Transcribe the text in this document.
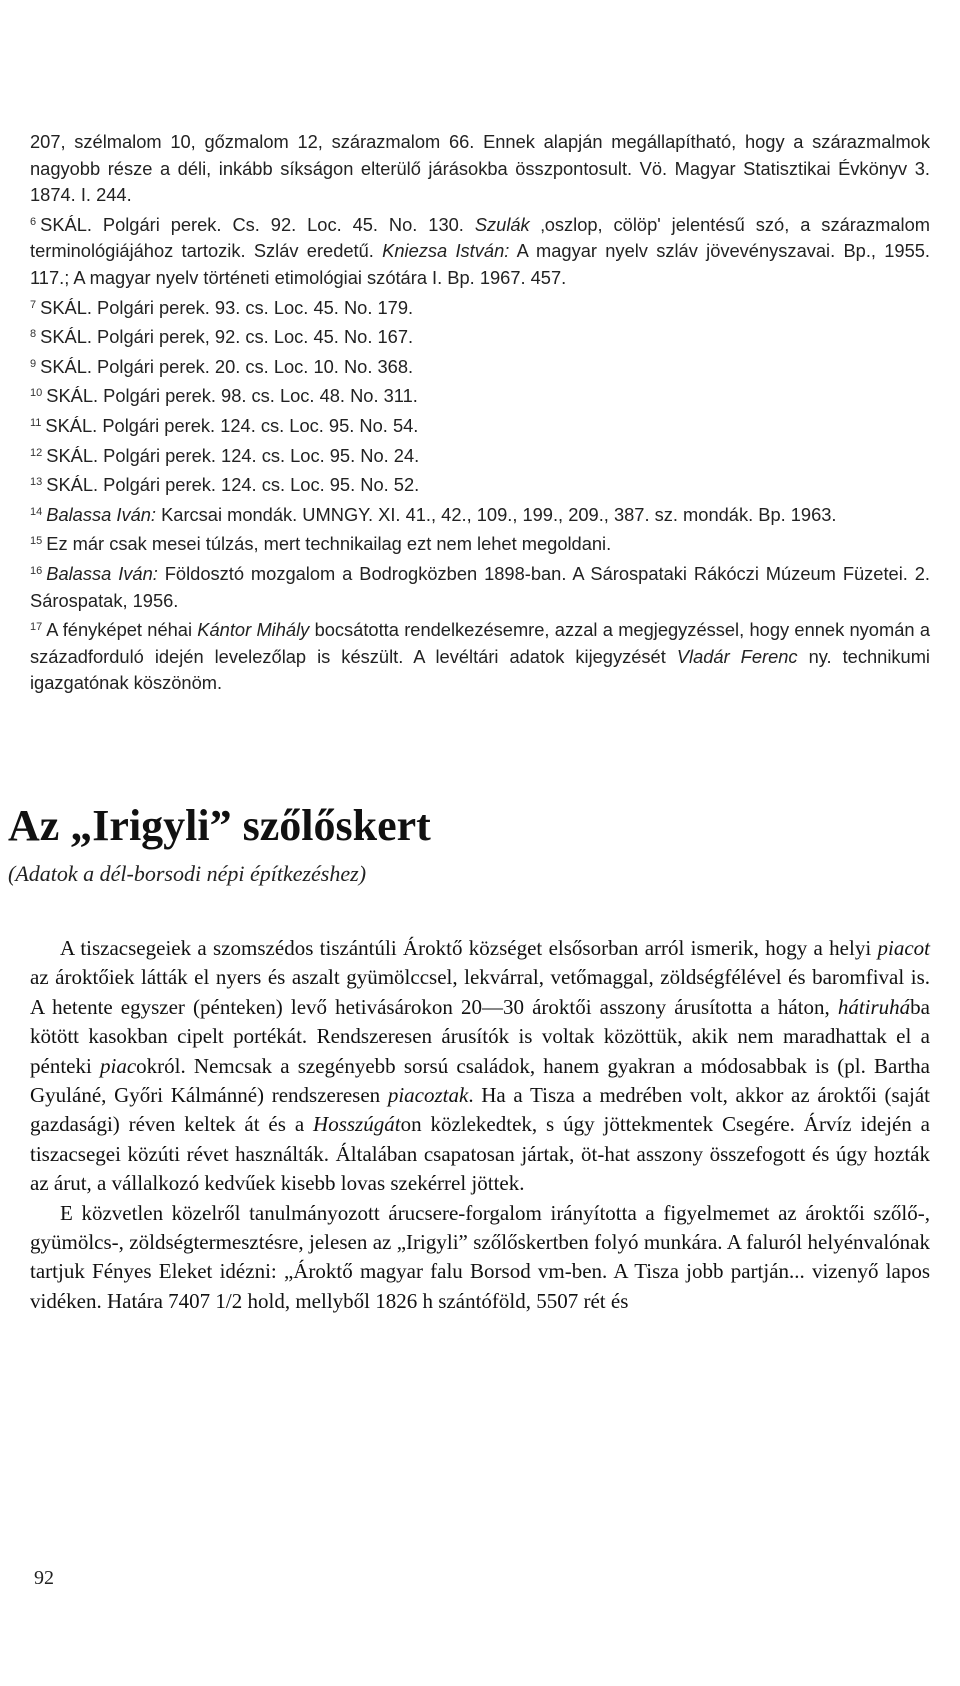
207, szélmalom 10, gőzmalom 12, szárazmalom 66. Ennek alapján megállapítható, hogy a szárazmalmok nagyobb része a déli, inkább síkságon elterülő járásokba összpontosult. Vö. Magyar Statisztikai Évkönyv 3. 1874. I. 244.

$^6$ SKÁL. Polgári perek. Cs. 92. Loc. 45. No. 130. Szulák ‚oszlop, cölöp' jelentésű szó, a szárazmalom terminológiájához tartozik. Szláv eredetű. Kniezsa István: A magyar nyelv szláv jövevényszavai. Bp., 1955. 117.; A magyar nyelv történeti etimológiai szótára I. Bp. 1967. 457.

$^7$ SKÁL. Polgári perek. 93. cs. Loc. 45. No. 179.

$^8$ SKÁL. Polgári perek, 92. cs. Loc. 45. No. 167.

$^9$ SKÁL. Polgári perek. 20. cs. Loc. 10. No. 368.

$^{10}$ SKÁL. Polgári perek. 98. cs. Loc. 48. No. 311.

$^{11}$ SKÁL. Polgári perek. 124. cs. Loc. 95. No. 54.

$^{12}$ SKÁL. Polgári perek. 124. cs. Loc. 95. No. 24.

$^{13}$ SKÁL. Polgári perek. 124. cs. Loc. 95. No. 52.

$^{14}$ Balassa Iván: Karcsai mondák. UMNGY. XI. 41., 42., 109., 199., 209., 387. sz. mondák. Bp. 1963.

$^{15}$ Ez már csak mesei túlzás, mert technikailag ezt nem lehet megoldani.

$^{16}$ Balassa Iván: Földosztó mozgalom a Bodrogközben 1898-ban. A Sárospataki Rákóczi Múzeum Füzetei. 2. Sárospatak, 1956.

$^{17}$ A fényképet néhai Kántor Mihály bocsátotta rendelkezésemre, azzal a megjegyzéssel, hogy ennek nyomán a századforduló idején levelezőlap is készült. A levéltári adatok kijegyzését Vladár Ferenc ny. technikumi igazgatónak köszönöm.

Az „Irigyli” szőlőskert

(Adatok a dél-borsodi népi építkezéshez)

A tiszacsegeiek a szomszédos tiszántúli Ároktő községet elsősorban arról ismerik, hogy a helyi piacot az ároktőiek látták el nyers és aszalt gyümölccsel, lekvárral, vetőmaggal, zöldségfélével és baromfival is. A hetente egyszer (pénteken) levő hetivásárokon 20—30 ároktői asszony árusította a háton, hátiruhába kötött kasokban cipelt portékát. Rendszeresen árusítók is voltak közöttük, akik nem maradhattak el a pénteki piacokról. Nemcsak a szegényebb sorsú családok, hanem gyakran a módosabbak is (pl. Bartha Gyuláné, Győri Kálmánné) rendszeresen piacoztak. Ha a Tisza a medrében volt, akkor az ároktői (saját gazdasági) réven keltek át és a Hosszúgáton közlekedtek, s úgy jöttekmentek Csegére. Árvíz idején a tiszacsegei közúti révet használták. Általában csapatosan jártak, öt-hat asszony összefogott és úgy hozták az árut, a vállalkozó kedvűek kisebb lovas szekérrel jöttek.

E közvetlen közelről tanulmányozott árucsere-forgalom irányította a figyelmemet az ároktői szőlő-, gyümölcs-, zöldségtermesztésre, jelesen az „Irigyli” szőlőskertben folyó munkára. A faluról helyénvalónak tartjuk Fényes Eleket idézni: „Ároktő magyar falu Borsod vm-ben. A Tisza jobb partján... vizenyő lapos vidéken. Határa 7407 1/2 hold, mellyből 1826 h szántóföld, 5507 rét és

92
